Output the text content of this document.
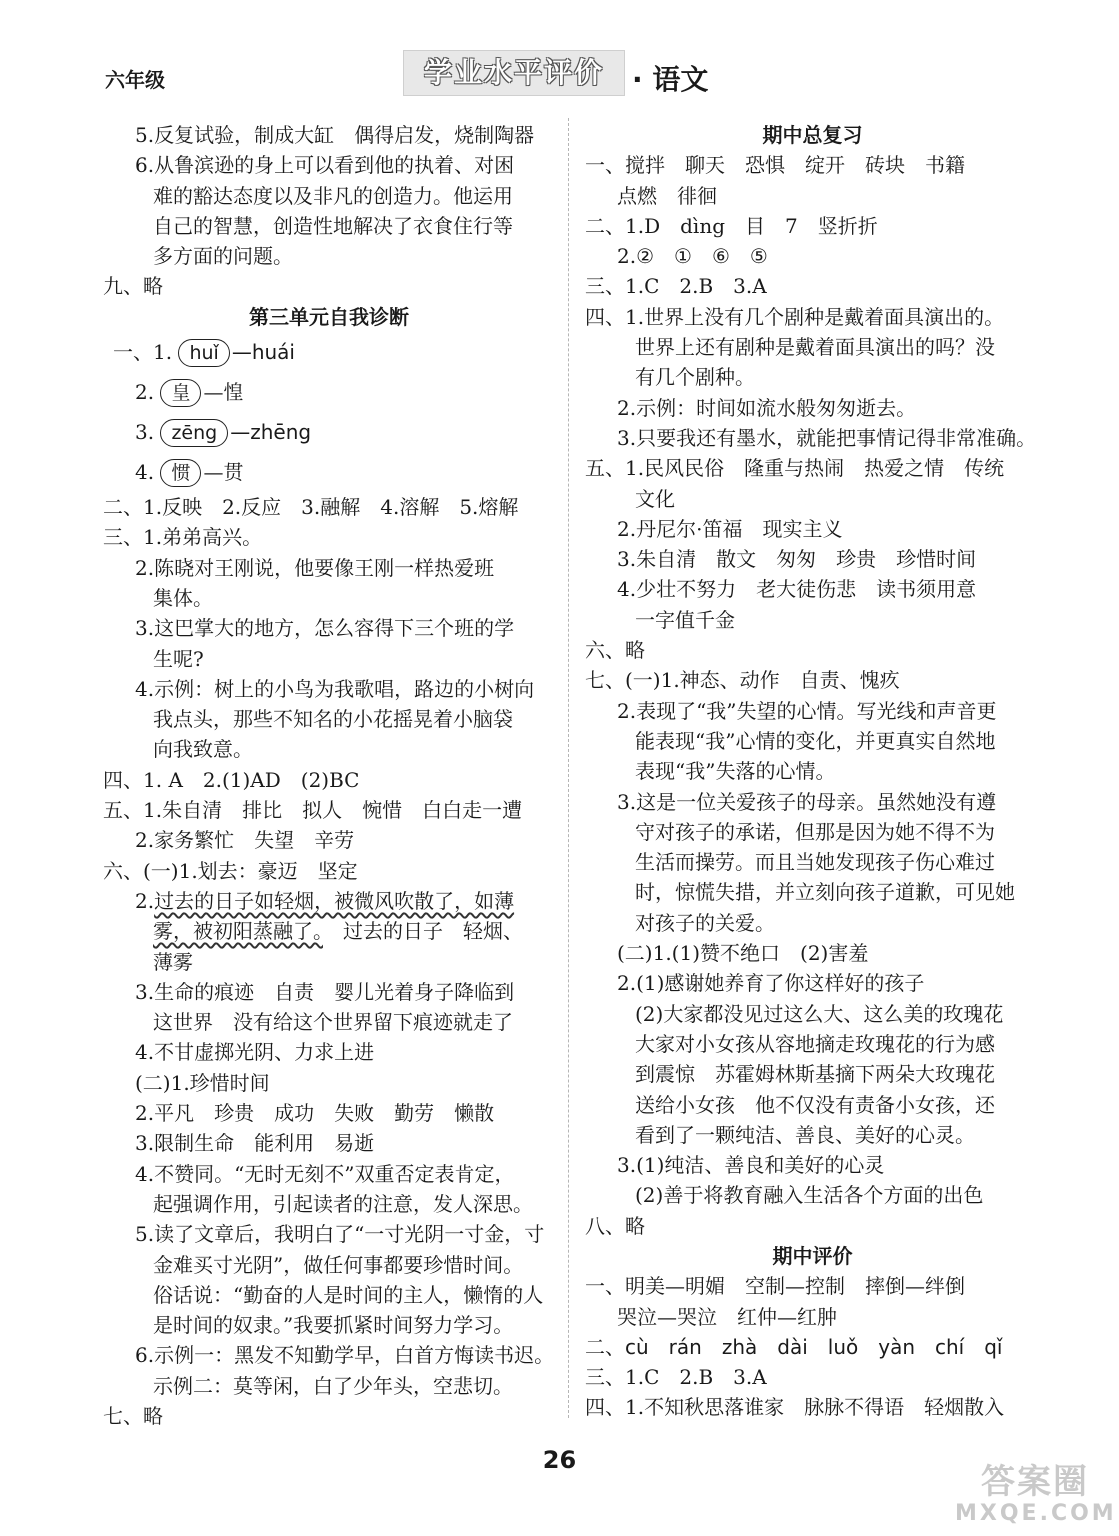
六年级	学业水平评价	· 语文
5.反复试验，制成大缸　偶得启发，烧制陶器
6.从鲁滨逊的身上可以看到他的执着、对困
难的豁达态度以及非凡的创造力。他运用
自己的智慧，创造性地解决了衣食住行等
多方面的问题。
九、略
第三单元自我诊断
一、1. huǐ —huái
2. 皇 —惶
3. zēng —zhēng
4. 惯 —贯
二、1.反映　2.反应　3.融解　4.溶解　5.熔解
三、1.弟弟高兴。
2.陈晓对王刚说，他要像王刚一样热爱班
集体。
3.这巴掌大的地方，怎么容得下三个班的学
生呢?
4.示例：树上的小鸟为我歌唱，路边的小树向
我点头，那些不知名的小花摇晃着小脑袋
向我致意。
四、1. A　2.(1)AD　(2)BC
五、1.朱自清　排比　拟人　惋惜　白白走一遭
2.家务繁忙　失望　辛劳
六、(一)1.划去：豪迈　坚定
2.过去的日子如轻烟，被微风吹散了，如薄
雾，被初阳蒸融了。　过去的日子　轻烟、
薄雾
3.生命的痕迹　自责　婴儿光着身子降临到
这世界　没有给这个世界留下痕迹就走了
4.不甘虚掷光阴、力求上进
(二)1.珍惜时间
2.平凡　珍贵　成功　失败　勤劳　懒散
3.限制生命　能利用　易逝
4.不赞同。“无时无刻不”双重否定表肯定，
起强调作用，引起读者的注意，发人深思。
5.读了文章后，我明白了“一寸光阴一寸金，寸
金难买寸光阴”，做任何事都要珍惜时间。
俗话说：“勤奋的人是时间的主人，懒惰的人
是时间的奴隶。”我要抓紧时间努力学习。
6.示例一：黑发不知勤学早，白首方悔读书迟。
示例二：莫等闲，白了少年头，空悲切。
七、略
期中总复习
一、搅拌　聊天　恐惧　绽开　砖块　书籍
点燃　徘徊
二、1.D　dìng　目　7　竖折折
2.②　①　⑥　⑤
三、1.C　2.B　3.A
四、1.世界上没有几个剧种是戴着面具演出的。
世界上还有剧种是戴着面具演出的吗？没
有几个剧种。
2.示例：时间如流水般匆匆逝去。
3.只要我还有墨水，就能把事情记得非常准确。
五、1.民风民俗　隆重与热闹　热爱之情　传统
文化
2.丹尼尔·笛福　现实主义
3.朱自清　散文　匆匆　珍贵　珍惜时间
4.少壮不努力　老大徒伤悲　读书须用意
一字值千金
六、略
七、(一)1.神态、动作　自责、愧疚
2.表现了“我”失望的心情。写光线和声音更
能表现“我”心情的变化，并更真实自然地
表现“我”失落的心情。
3.这是一位关爱孩子的母亲。虽然她没有遵
守对孩子的承诺，但那是因为她不得不为
生活而操劳。而且当她发现孩子伤心难过
时，惊慌失措，并立刻向孩子道歉，可见她
对孩子的关爱。
(二)1.(1)赞不绝口　(2)害羞
2.(1)感谢她养育了你这样好的孩子
(2)大家都没见过这么大、这么美的玫瑰花
大家对小女孩从容地摘走玫瑰花的行为感
到震惊　苏霍姆林斯基摘下两朵大玫瑰花
送给小女孩　他不仅没有责备小女孩，还
看到了一颗纯洁、善良、美好的心灵。
3.(1)纯洁、善良和美好的心灵
(2)善于将教育融入生活各个方面的出色
八、略
期中评价
一、明美—明媚　空制—控制　摔倒—绊倒
哭泣—哭泣　红仲—红肿
二、cù　rán　zhà　dài　luǒ　yàn　chí　qǐ
三、1.C　2.B　3.A
四、1.不知秋思落谁家　脉脉不得语　轻烟散入
26
答案圈
MXQE.COM
